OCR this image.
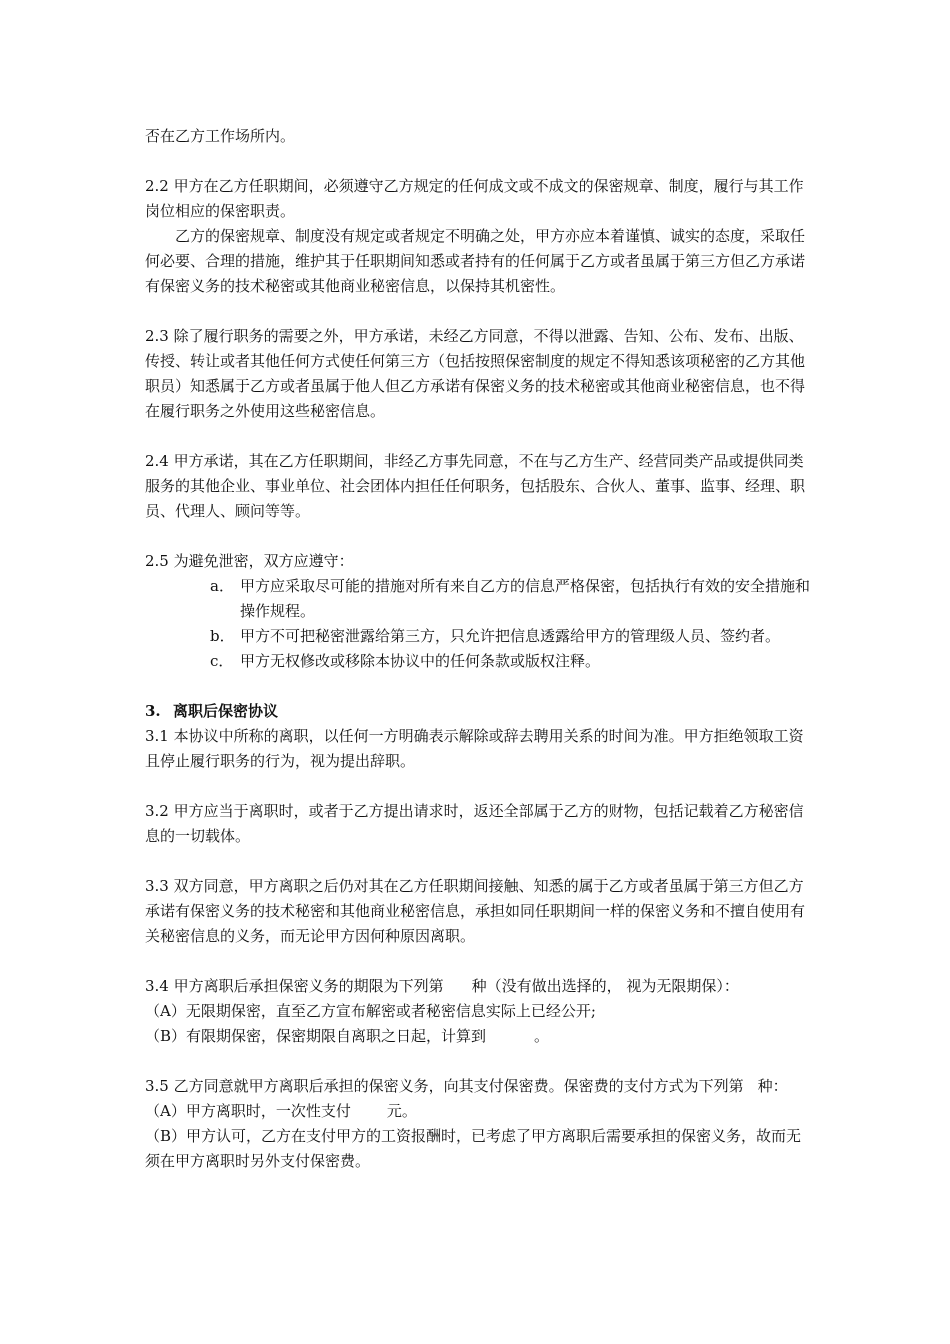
否在乙方工作场所内。

2.2 甲方在乙方任职期间，必须遵守乙方规定的任何成文或不成文的保密规章、制度，履行与其工作岗位相应的保密职责。

乙方的保密规章、制度没有规定或者规定不明确之处，甲方亦应本着谨慎、诚实的态度，采取任何必要、合理的措施，维护其于任职期间知悉或者持有的任何属于乙方或者虽属于第三方但乙方承诺有保密义务的技术秘密或其他商业秘密信息，以保持其机密性。

2.3 除了履行职务的需要之外，甲方承诺，未经乙方同意，不得以泄露、告知、公布、发布、出版、传授、转让或者其他任何方式使任何第三方（包括按照保密制度的规定不得知悉该项秘密的乙方其他职员）知悉属于乙方或者虽属于他人但乙方承诺有保密义务的技术秘密或其他商业秘密信息，也不得在履行职务之外使用这些秘密信息。

2.4 甲方承诺，其在乙方任职期间，非经乙方事先同意，不在与乙方生产、经营同类产品或提供同类服务的其他企业、事业单位、社会团体内担任任何职务，包括股东、合伙人、董事、监事、经理、职员、代理人、顾问等等。

2.5 为避免泄密，双方应遵守：

a． 甲方应采取尽可能的措施对所有来自乙方的信息严格保密，包括执行有效的安全措施和操作规程。
b． 甲方不可把秘密泄露给第三方，只允许把信息透露给甲方的管理级人员、签约者。
c． 甲方无权修改或移除本协议中的任何条款或版权注释。

3. 离职后保密协议

3.1 本协议中所称的离职，以任何一方明确表示解除或辞去聘用关系的时间为准。甲方拒绝领取工资且停止履行职务的行为，视为提出辞职。

3.2 甲方应当于离职时，或者于乙方提出请求时，返还全部属于乙方的财物，包括记载着乙方秘密信息的一切载体。

3.3 双方同意，甲方离职之后仍对其在乙方任职期间接触、知悉的属于乙方或者虽属于第三方但乙方承诺有保密义务的技术秘密和其他商业秘密信息，承担如同任职期间一样的保密义务和不擅自使用有关秘密信息的义务，而无论甲方因何种原因离职。

3.4 甲方离职后承担保密义务的期限为下列第 种（没有做出选择的， 视为无限期保）：

（A）无限期保密，直至乙方宣布解密或者秘密信息实际上已经公开;

（B）有限期保密，保密期限自离职之日起，计算到	。

3.5 乙方同意就甲方离职后承担的保密义务，向其支付保密费。保密费的支付方式为下列第 种：

（A）甲方离职时，一次性支付 元。

（B）甲方认可，乙方在支付甲方的工资报酬时，已考虑了甲方离职后需要承担的保密义务，故而无须在甲方离职时另外支付保密费。
